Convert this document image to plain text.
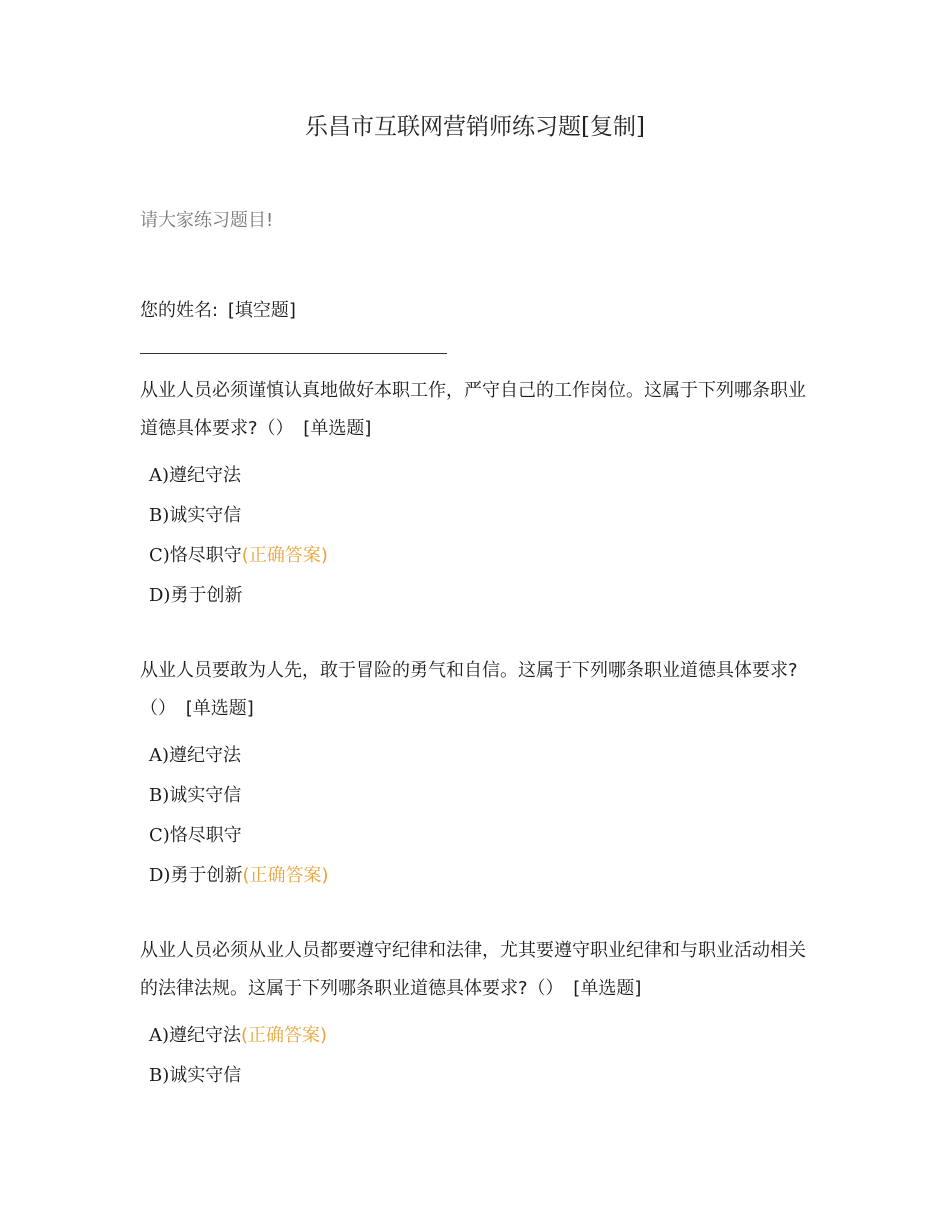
乐昌市互联网营销师练习题[复制]
请大家练习题目!
您的姓名: [填空题]
从业人员必须谨慎认真地做好本职工作，严守自己的工作岗位。这属于下列哪条职业道德具体要求?（） [单选题]
A)遵纪守法
B)诚实守信
C)恪尽职守(正确答案)
D)勇于创新
从业人员要敢为人先，敢于冒险的勇气和自信。这属于下列哪条职业道德具体要求?（） [单选题]
A)遵纪守法
B)诚实守信
C)恪尽职守
D)勇于创新(正确答案)
从业人员必须从业人员都要遵守纪律和法律，尤其要遵守职业纪律和与职业活动相关的法律法规。这属于下列哪条职业道德具体要求?（） [单选题]
A)遵纪守法(正确答案)
B)诚实守信
